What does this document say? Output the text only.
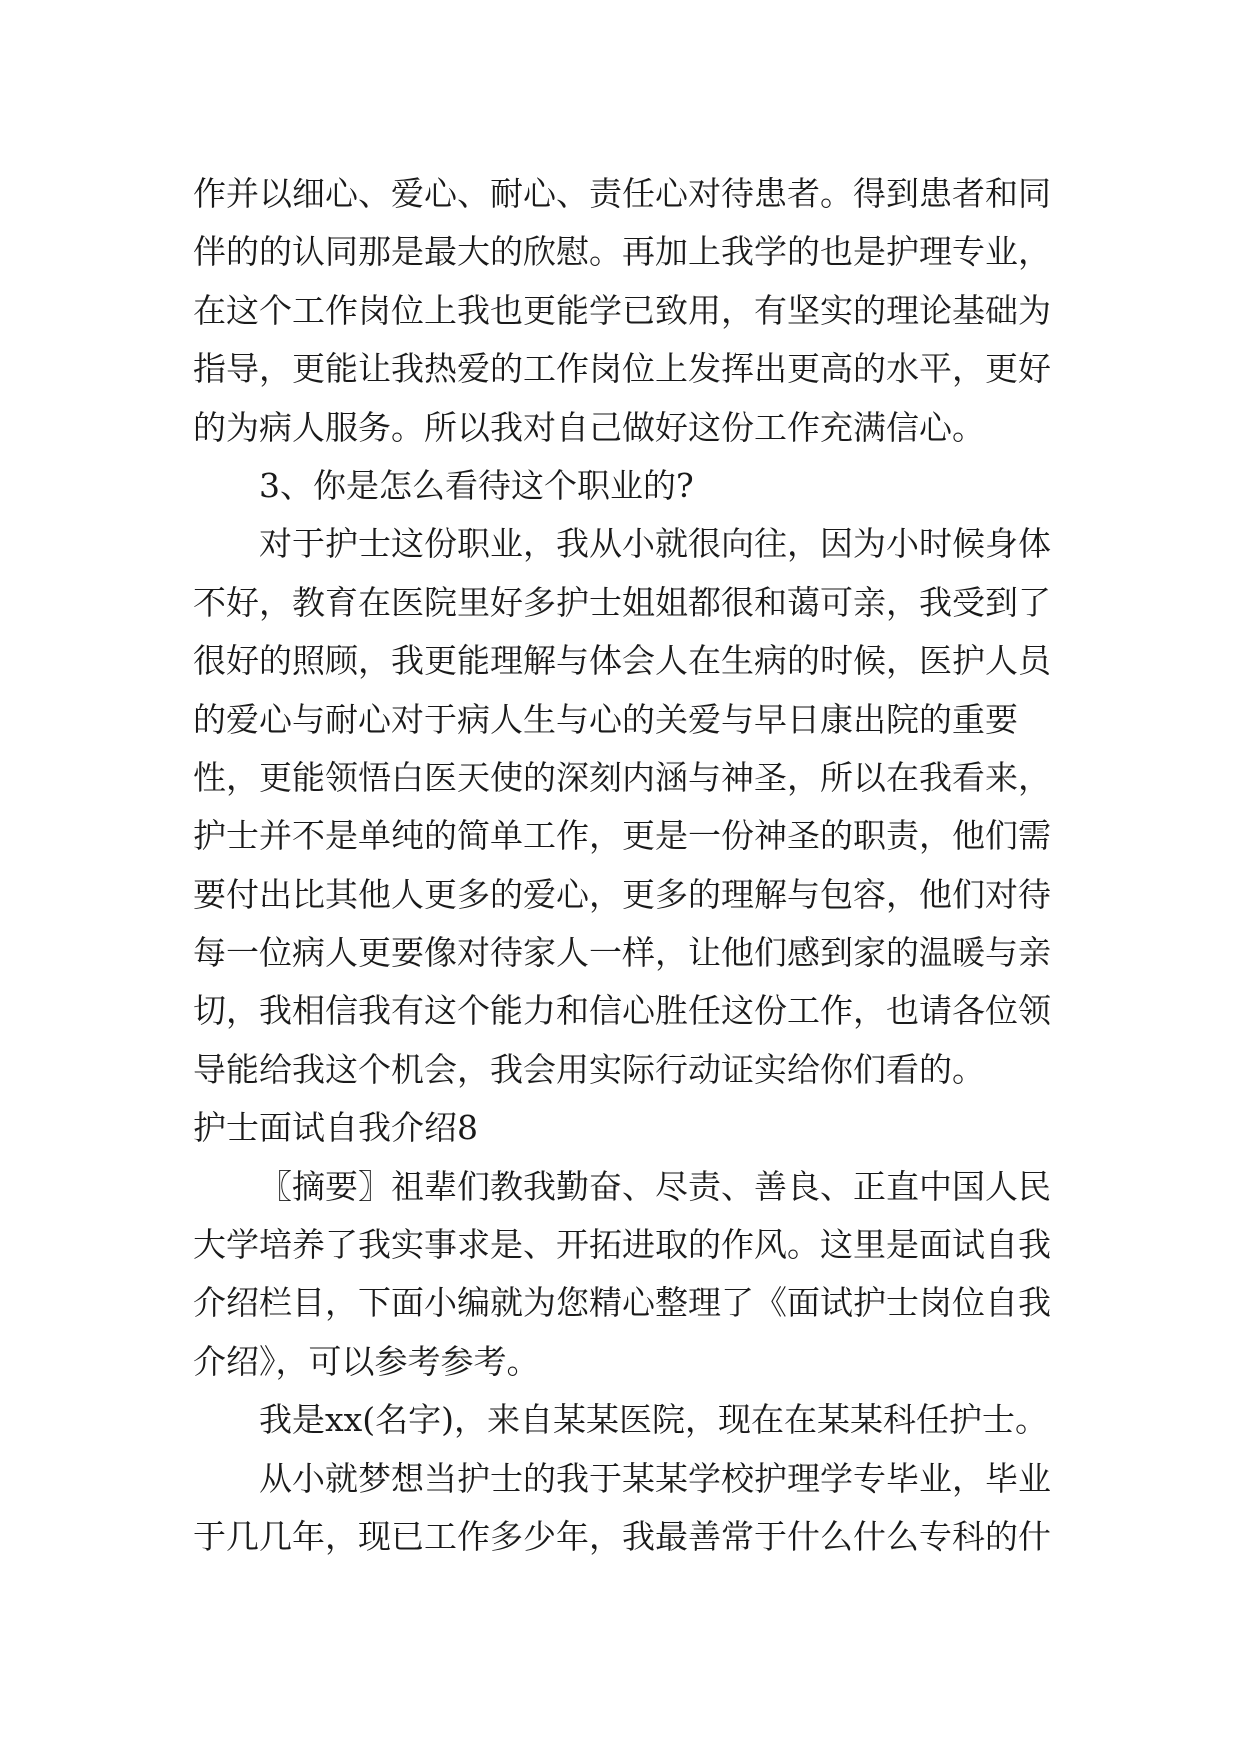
作并以细心、爱心、耐心、责任心对待患者。得到患者和同
伴的的认同那是最大的欣慰。再加上我学的也是护理专业，
在这个工作岗位上我也更能学已致用，有坚实的理论基础为
指导，更能让我热爱的工作岗位上发挥出更高的水平，更好
的为病人服务。所以我对自己做好这份工作充满信心。
3、你是怎么看待这个职业的?
对于护士这份职业，我从小就很向往，因为小时候身体
不好，教育在医院里好多护士姐姐都很和蔼可亲，我受到了
很好的照顾，我更能理解与体会人在生病的时候，医护人员
的爱心与耐心对于病人生与心的关爱与早日康出院的重要
性，更能领悟白医天使的深刻内涵与神圣，所以在我看来，
护士并不是单纯的简单工作，更是一份神圣的职责，他们需
要付出比其他人更多的爱心，更多的理解与包容，他们对待
每一位病人更要像对待家人一样，让他们感到家的温暖与亲
切，我相信我有这个能力和信心胜任这份工作，也请各位领
导能给我这个机会，我会用实际行动证实给你们看的。
护士面试自我介绍8
〖摘要〗祖辈们教我勤奋、尽责、善良、正直中国人民
大学培养了我实事求是、开拓进取的作风。这里是面试自我
介绍栏目，下面小编就为您精心整理了《面试护士岗位自我
介绍》，可以参考参考。
我是xx(名字)，来自某某医院，现在在某某科任护士。
从小就梦想当护士的我于某某学校护理学专毕业，毕业
于几几年，现已工作多少年，我最善常于什么什么专科的什
